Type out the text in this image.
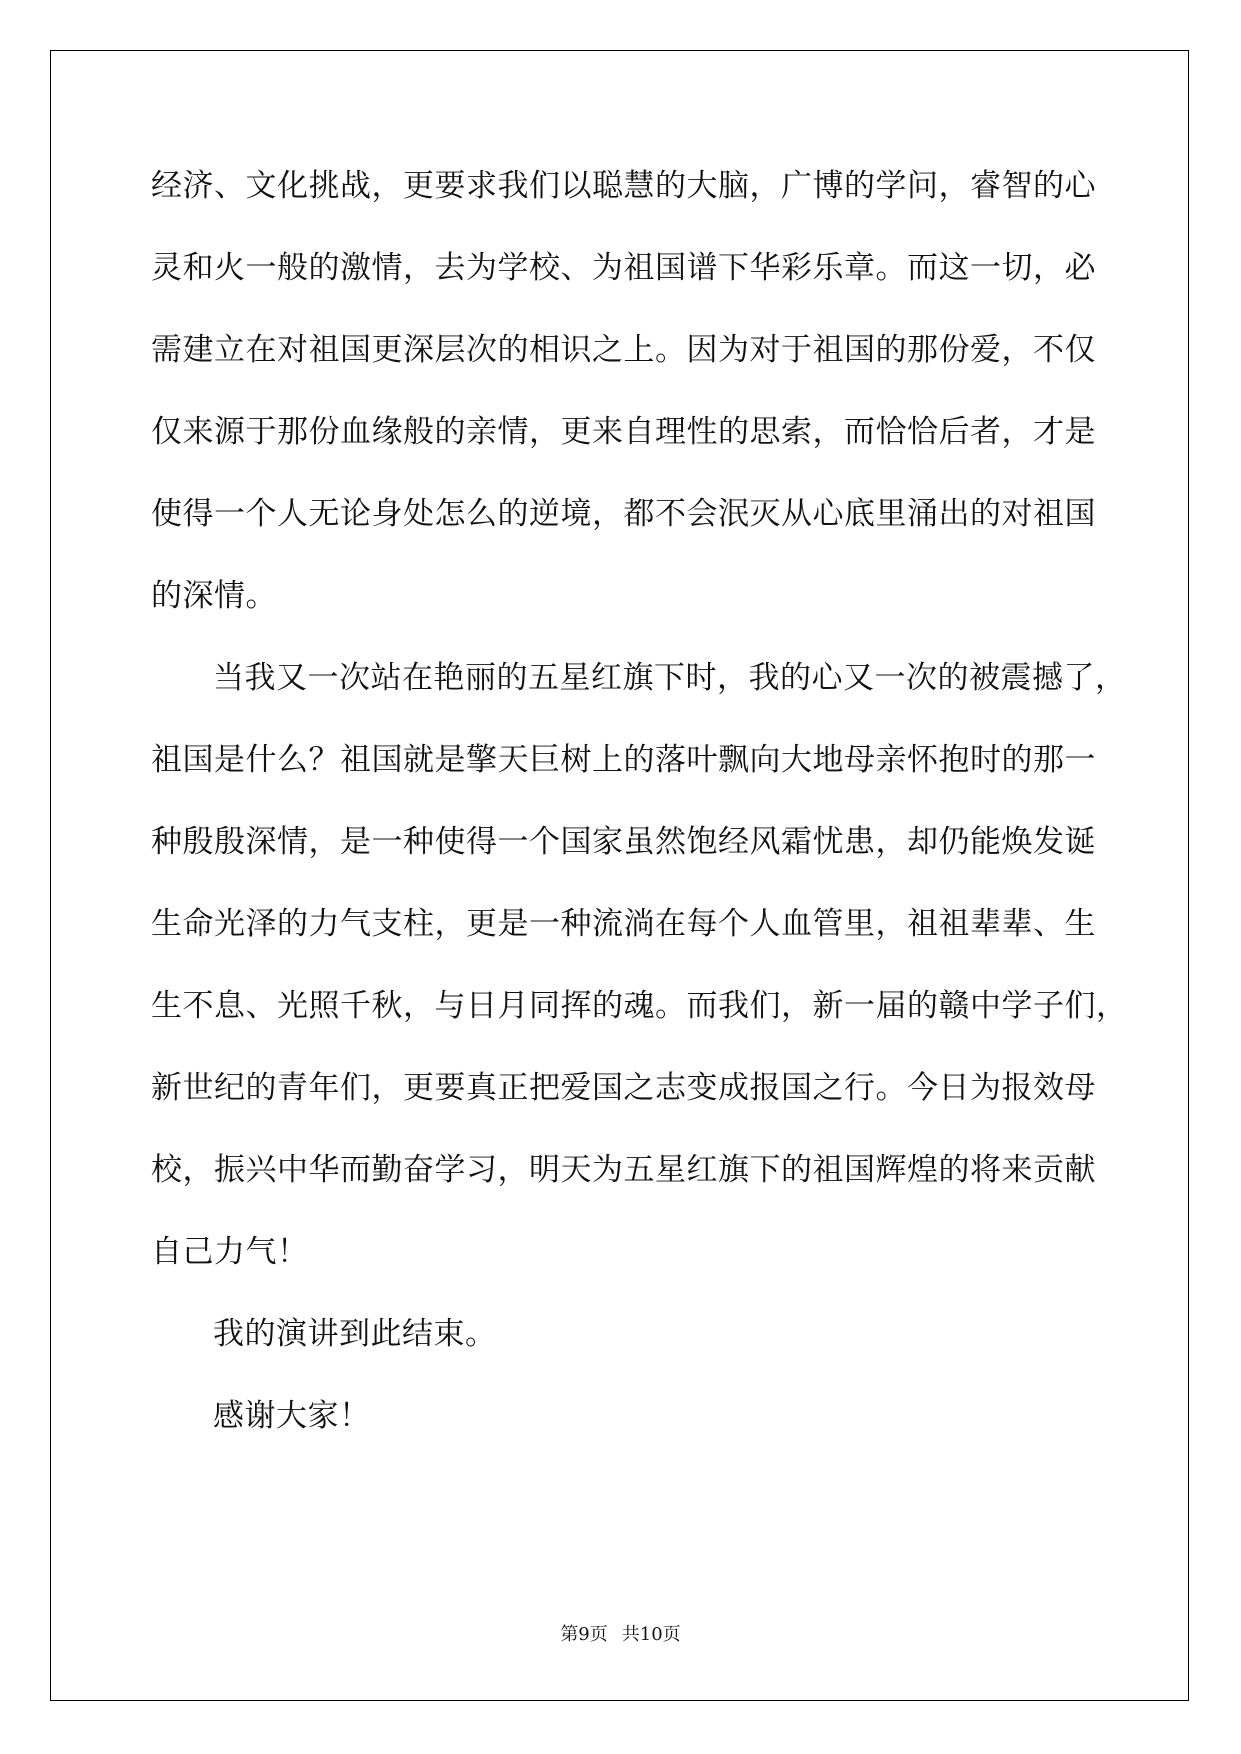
经济、文化挑战，更要求我们以聪慧的大脑，广博的学问，睿智的心
灵和火一般的激情，去为学校、为祖国谱下华彩乐章。而这一切，必
需建立在对祖国更深层次的相识之上。因为对于祖国的那份爱，不仅
仅来源于那份血缘般的亲情，更来自理性的思索，而恰恰后者，才是
使得一个人无论身处怎么的逆境，都不会泯灭从心底里涌出的对祖国
的深情。
当我又一次站在艳丽的五星红旗下时，我的心又一次的被震撼了，
祖国是什么？祖国就是擎天巨树上的落叶飘向大地母亲怀抱时的那一
种殷殷深情，是一种使得一个国家虽然饱经风霜忧患，却仍能焕发诞
生命光泽的力气支柱，更是一种流淌在每个人血管里，祖祖辈辈、生
生不息、光照千秋，与日月同挥的魂。而我们，新一届的赣中学子们，
新世纪的青年们，更要真正把爱国之志变成报国之行。今日为报效母
校，振兴中华而勤奋学习，明天为五星红旗下的祖国辉煌的将来贡献
自己力气！
我的演讲到此结束。
感谢大家！
第9页 共10页
